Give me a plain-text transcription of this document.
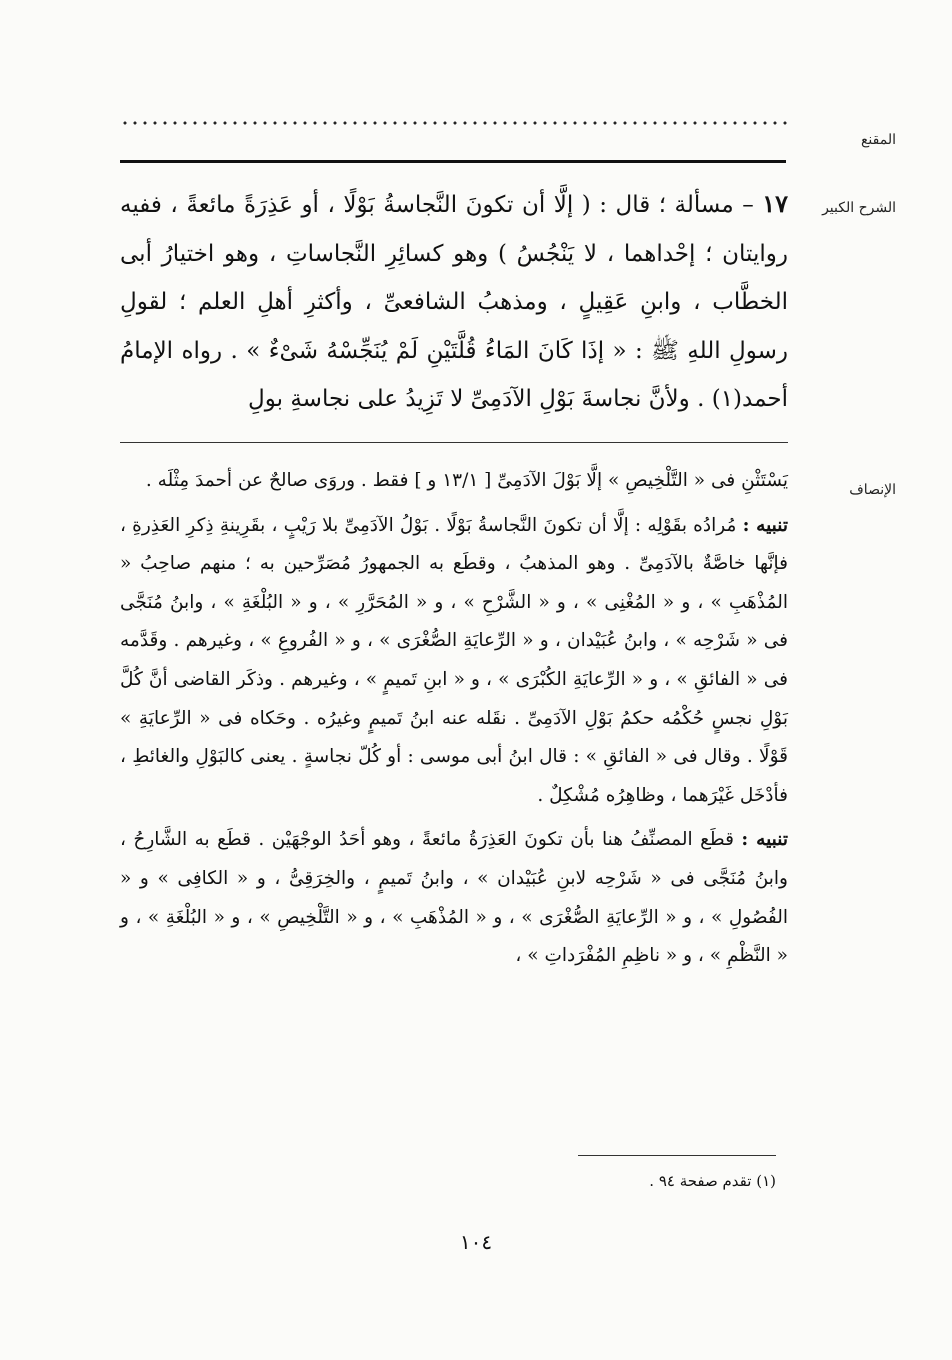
المقنع
الشرح الكبير

١٧ – مسألة ؛ قال : ( إلَّا أن تكونَ النَّجاسةُ بَوْلًا ، أو عَذِرَةً مائعةً ، ففيه روايتان ؛ إحْداهما ، لا يَنْجُسُ ) وهو كسائِرِ النَّجاساتِ ، وهو اختيارُ أبى الخطَّاب ، وابنِ عَقِيلٍ ، ومذهبُ الشافعىِّ ، وأكثرِ أهلِ العلم ؛ لقولِ رسولِ اللهِ ﷺ : « إذَا كَانَ المَاءُ قُلَّتَيْنِ لَمْ يُنَجِّسْهُ شَىْءٌ » . رواه الإمامُ أحمد(١) . ولأنَّ نجاسةَ بَوْلِ الآدَمِىِّ لا تَزِيدُ على نجاسةِ بولِ

الإنصاف

يَسْتَثْنِ فى « التَّلْخِيصِ » إلَّا بَوْلَ الآدَمِىِّ [ ١٣/١ و ] فقط . وروَى صالحٌ عن أحمدَ مِثْلَه .

تنبيه : مُرادُه بقَوْلِه : إلَّا أن تكونَ النَّجاسةُ بَوْلًا . بَوْلُ الآدَمِىِّ بلا رَيْبٍ ، بقَرِينةِ ذِكرِ العَذِرةِ ، فإنَّها خاصَّةٌ بالآدَمِىِّ . وهو المذهبُ ، وقطَع به الجمهورُ مُصَرِّحين به ؛ منهم صاحِبُ « المُذْهَبِ » ، و « المُغْنِى » ، و « الشَّرْحِ » ، و « المُحَرَّرِ » ، و « البُلْغَةِ » ، وابنُ مُنَجَّى فى « شَرْحِه » ، وابنُ عُبَيْدان ، و « الرِّعايَةِ الصُّغْرَى » ، و « الفُروعِ » ، وغيرهم . وقَدَّمه فى « الفائقِ » ، و « الرِّعايَةِ الكُبْرَى » ، و « ابنِ تَميمٍ » ، وغيرهم . وذكَر القاضى أنَّ كُلَّ بَوْلِ نجسٍ حُكْمُه حكمُ بَوْلِ الآدَمِىِّ . نقَله عنه ابنُ تَميمٍ وغيرُه . وحَكاه فى « الرِّعايَةِ » قَوْلًا . وقال فى « الفائقِ » : قال ابنُ أبى موسى : أو كُلّ نجاسةٍ . يعنى كالبَوْلِ والغائطِ ، فأدْخَل غَيْرَهما ، وظاهِرُه مُشْكِلٌ .

تنبيه : قطَع المصنِّفُ هنا بأن تكونَ العَذِرَةُ مائعةً ، وهو أحَدُ الوجْهَيْن . قطَع به الشَّارِحُ ، وابنُ مُنَجَّى فى « شَرْحِه لابنِ عُبَيْدان » ، وابنُ تَميمٍ ، والخِرَقِىُّ ، و « الكافِى » و « الفُصُولِ » ، و « الرِّعايَةِ الصُّغْرَى » ، و « المُذْهَبِ » ، و « التَّلْخِيصِ » ، و « البُلْغَةِ » ، و « النَّظْمِ » ، و « ناظِمِ المُفْرَداتِ » ،

(١) تقدم صفحة ٩٤ .
١٠٤
